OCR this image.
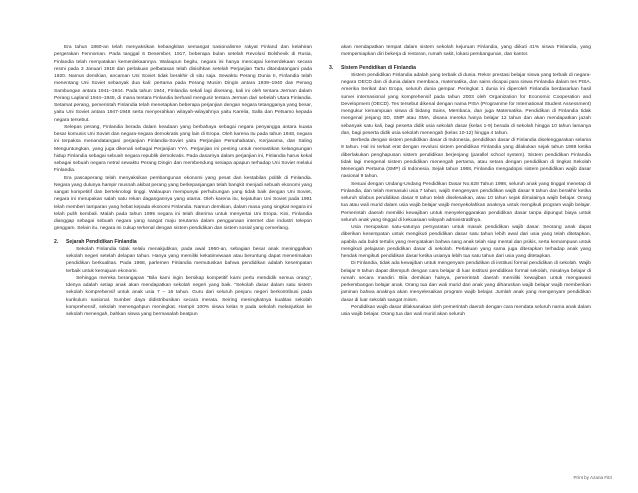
Era tahun 1860-an telah menyaksikan kebangkitan semangat nasionalisme rakyat Finland dan kelahiran pergerakan Fennoman. Pada tanggal 6 Desember, 1917, beberapa bulan setelah Revolusi Bolshevik di Rusia, Finlandia telah menyatakan kemerdekaannya. Walaupun begitu, negara ini hanya mencapai kemerdekaan secara resmi pada 3 Januari 1918 dan perlakuan pelbatasan telah disisihkan setelah Perjanjian Tartu ditandatangani pada 1920. Namun demikian, ancaman Uni Soviet tidak berakhir di situ saja. Sewaktu Perang Dunia II, Finlandia telah menentang Uni Soviet sebanyak dua kali: pertama pada Perang Musim Dingin antara 1939–1940 dan Perang Sambungan antara 1941–1944. Pada tahun 1944, Finlandia sekali lagi diserang, kali ini oleh tentara Jerman dalam Perang Lapland 1944–1945, di mana tentara Finlandia berhasil mengusir tentara Jerman dari sebelah Utara Finlandia. Setamat perang, pemerintah Finlandia telah menetapkan beberapa perjanjian dengan negara tetangganya yang besar, yaitu Uni Soviet antara 1947-1948 serta menyerahkan wilayah-wilayahnya yaitu Karelia, Salla dan Petsamo kepada negara tersebut.

Selepas perang, Finlandia berada dalam keadaan yang berbahaya sebagai negara penyangga antara kuasa besar komunis Uni Soviet dan negara-negara demokratis yang lain di Eropa. Oleh karena itu pada tahun 1948, negara ini terpaksa menandatangani perjanjian Finlandia-Soviet yaitu Perjanjian Persahabatan, Kerjasama, dan Saling Menguntungkan, yang juga dikenali sebagai Perjanjian YYA. Perjanjian ini penting untuk memastikan kelangsungan hidup Finlandia sebagai sebuah negara republik demokratis. Pada dasarnya dalam perjanjian ini, Finlandia harus kekal sebagai sebuah negara netral sewaktu Perang Dingin dan membendung sesiapa apapun terhadap Uni Soviet melalui Finlandia.

Era pascaperang telah menyaksikan pembangunan ekonomi yang pesat dan kestabilan politik di Finlandia. Negara yang dulunya hampir musnah akibat perang yang berkepanjangan telah bangkit menjadi sebuah ekonomi yang sangat kompetitif dan berteknologi tinggi. Walaupun mempunyai perhubungan yang tidak baik dengan Uni Soviet, negara ini merupakan salah satu rekan dagangannya yang utama. Oleh karena itu, kejatuhan Uni Soviet pada 1991 telah memberi tamparan yang hebat kepada ekonomi Finlandia. Namun demikian, dalam masa yang singkat negara ini telah pulih kembali. Malah pada tahun 1995 negara ini telah diterima untuk menyertai Uni Eropa. Kini, Finlandia dianggap sebagai sebuah negara yang sangat maju terutama dalam penggunaan internet dan industri telepon genggam. Selain itu, negara ini cukup terkenal dengan sistem pendidikan dan sistem sosial yang cemerlang.

2.	Sejarah Pendidikan Finlandia

Sekolah Finlandia tidak selalu menakjubkan, pada awal 1960-an, sebagian besar anak meninggalkan sekolah negeri setelah delapan tahun. Hanya yang memiliki kekatimewaan atau beruntung dapat menerimakan pendidikan berkualitas. Pada 1968, parlemen Finlandia memutuskan bahwa pendidikan adalah kesempatan terbaik untuk kemajuan ekonomi.

Sehingga mereka berangapan "Bila kami ingin bersikap kompetitif kami perlu mendidik semua orang", Idenya adalah setiap anak akan mendapatkan sekolah negeri yang baik. "Sekolah dasar dalam satu sistem sekolah komprehensif untuk anak usia 7 – 16 tahun. Guru dari seluruh penjuru negeri berkontribusi pada kurikulum nasional. Sumber daya didistribusikan secara merata. Seiring meningkatnya kualitas sekolah komprehensif, sekolah menengahpun meningkat. Hampir 100% siswa kelas 9 pada sekolah melanjutkan ke sekolah menengah, bahkan siswa yang bermasalah beatpun

akan mendapatkan tempat dalam sistem sekolah kejuruan Finlandia, yang diikuti 41% siswa Finlandia, yang mempersiapkan diri bekerja di restoran, rumah sakit, lokasi pembangunan, dan kantor.

3.	Sistem Pendidikan di Finlandia

Sistem pendidikan Finlandia adalah yang terbaik di dunia. Rekor prestasi belajar siswa yang terbaik di negara-negara OECD dan di dunia dalam membaca, matematika, dan sains dicapai para siswa Finlandia dalam tes PISA. Amerika Serikat dan Eropa, seluruh dunia gempar. Peringkat 1 dunia ini diperoleh Finlandia berdasarkan hasil survei internasional yang komprehensif pada tahun 2003 oleh Organization for Economic Cooperation and Development (OECD). Tes tersebut dikenal dengan nama PISA (Programme for International Student Assessment) mengukur kemampuan siswa di bidang Sains, Membaca, dan juga Matematika. Pendidikan di Finlandia tidak mengenal jenjang SD, SMP atau SMA, disana mereka hanya belajar 12 tahun dan akan mendapatkan jazah sebanyak satu kali, bagi peserta didik usia sekolah dasar (kelas 1-9) berada di sekolah hingga 10 tahun lamanya dan, bagi peserta didik usia sekolah menengah (kelas 10-12) hingga 4 tahun.

Berbeda dengan sistem pendidikan dasar di Indonesia, pendidikan dasar di Finlandia diselenggarakan selama 9 tahun. Hal ini terkait erat dengan revolusi sistem pendidikan Finlandia yang dilakukan sejak tahun 1968 ketika diberlakukan penghapusan sistem pendidikan berjenjang (parallel school system). Sistem pendidikan Finlandia tidak lagi mengenal sistem pendidikan menengah pertama, atau setara dengan pendidikan di tingkat Sekolah Menengah Pertama (SMP) di Indonesia. Sejak tahun 1968, Finlandia mengadopsi sistem pendidikan wajib dasar nasional 9 tahun.

Sesuai dengan Undang-Undang Pendidikan Dasar No.628 Tahun 1998, seluruh anak yang tinggal menetap di Finlandia, dan telah memasuki usia 7 tahun, wajib mengenyam pendidikan wajib dasar 9 tahun dan berakhir ketika seluruh silabus pendidikan dasar 9 tahun telah diselesaikan, atau 10 tahun sejak dimulainya wajib belajar. Orang tua atau wali murid dalam usia wajib belajar wajib menyekolahkan anaknya untuk mengikuti program wajib belajar. Pemerintah daerah memiliki kewajiban untuk menyelenggarakan pendidikan dasar tanpa dipungut biaya untuk seluruh anak yang tinggal di kekuasaan wilayah administratifnya.

Usia merupakan satu-satunya persyaratan untuk masuk pendidikan wajib dasar. Seorang anak dapat diberikan kesempatan untuk mengikuti pendidikan dasar satu tahun lebih awal dari usia yang telah ditetapkan, apabila ada bukti tertulis yang menyatakan bahwa sang anak telah siap mental dan psikis, serta kemampuan untuk mengikuti pelajaran pendidikan dasar di sekolah. Perlakuan yang sama juga diterapkan terhadap anak yang hendak mengikuti pendidikan dasar ketika usianya lebih tua satu tahun dari usia yang ditetapkan.

Di Finlandia, tidak ada kewajiban untuk mengenyam pendidikan di institusi formal pendidikan di sekolah. Wajib belajar 9 tahun dapat ditempuh dengan cara belajar di luar institusi pendidikan formal sekolah, misalnya belajar di rumah secara mandiri. Bila demikian halnya, pemerintah daerah memiliki kewajiban untuk mengawasi perkembangan belajar anak. Orang tua dan wali murid dari anak yang diharuskan wajib belajar wajib memberikan jaminan bahwa anaknya akan menyelesaikan program wajib belajar. Jumlah anak yang mengenyam pendidikan dasar di luar sekolah sangat minim.

Pendidikan wajib dasar dilaksanakan oleh pemerintah daerah dengan cara mendata seluruh nama anak dalam usia wajib belajar. Orang tua dan wali murid akan seluruh

Print by Azaria Fitri
